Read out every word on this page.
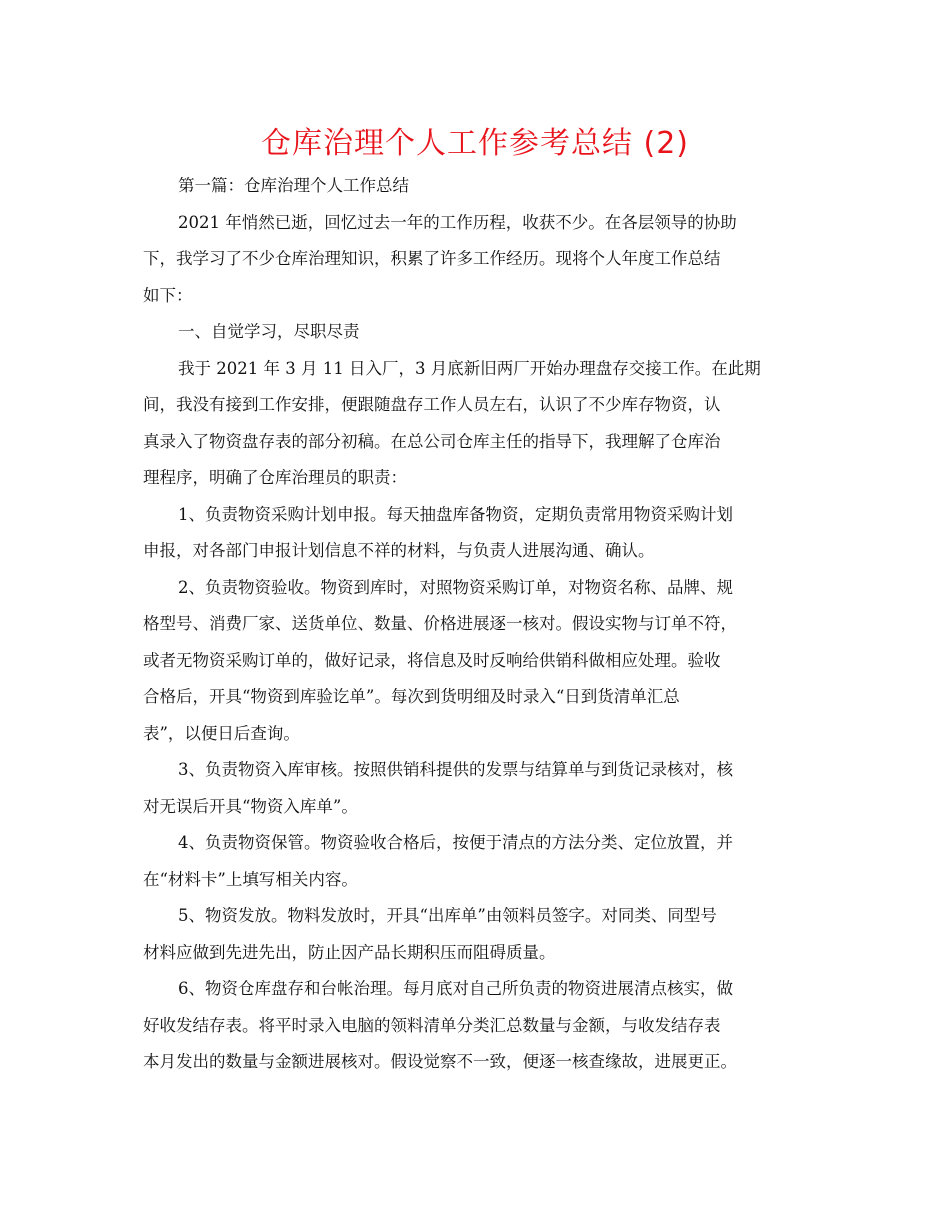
仓库治理个人工作参考总结 (2)
第一篇：仓库治理个人工作总结
2021 年悄然已逝，回忆过去一年的工作历程，收获不少。在各层领导的协助
下，我学习了不少仓库治理知识，积累了许多工作经历。现将个人年度工作总结
如下：
一、自觉学习，尽职尽责
我于 2021 年 3 月 11 日入厂，3 月底新旧两厂开始办理盘存交接工作。在此期
间，我没有接到工作安排，便跟随盘存工作人员左右，认识了不少库存物资，认
真录入了物资盘存表的部分初稿。在总公司仓库主任的指导下，我理解了仓库治
理程序，明确了仓库治理员的职责：
1、负责物资采购计划申报。每天抽盘库备物资，定期负责常用物资采购计划
申报，对各部门申报计划信息不祥的材料，与负责人进展沟通、确认。
2、负责物资验收。物资到库时，对照物资采购订单，对物资名称、品牌、规
格型号、消费厂家、送货单位、数量、价格进展逐一核对。假设实物与订单不符，
或者无物资采购订单的，做好记录，将信息及时反响给供销科做相应处理。验收
合格后，开具“物资到库验讫单”。每次到货明细及时录入“日到货清单汇总
表”，以便日后查询。
3、负责物资入库审核。按照供销科提供的发票与结算单与到货记录核对，核
对无误后开具“物资入库单”。
4、负责物资保管。物资验收合格后，按便于清点的方法分类、定位放置，并
在“材料卡”上填写相关内容。
5、物资发放。物料发放时，开具“出库单”由领料员签字。对同类、同型号
材料应做到先进先出，防止因产品长期积压而阻碍质量。
6、物资仓库盘存和台帐治理。每月底对自己所负责的物资进展清点核实，做
好收发结存表。将平时录入电脑的领料清单分类汇总数量与金额，与收发结存表
本月发出的数量与金额进展核对。假设觉察不一致，便逐一核查缘故，进展更正。
